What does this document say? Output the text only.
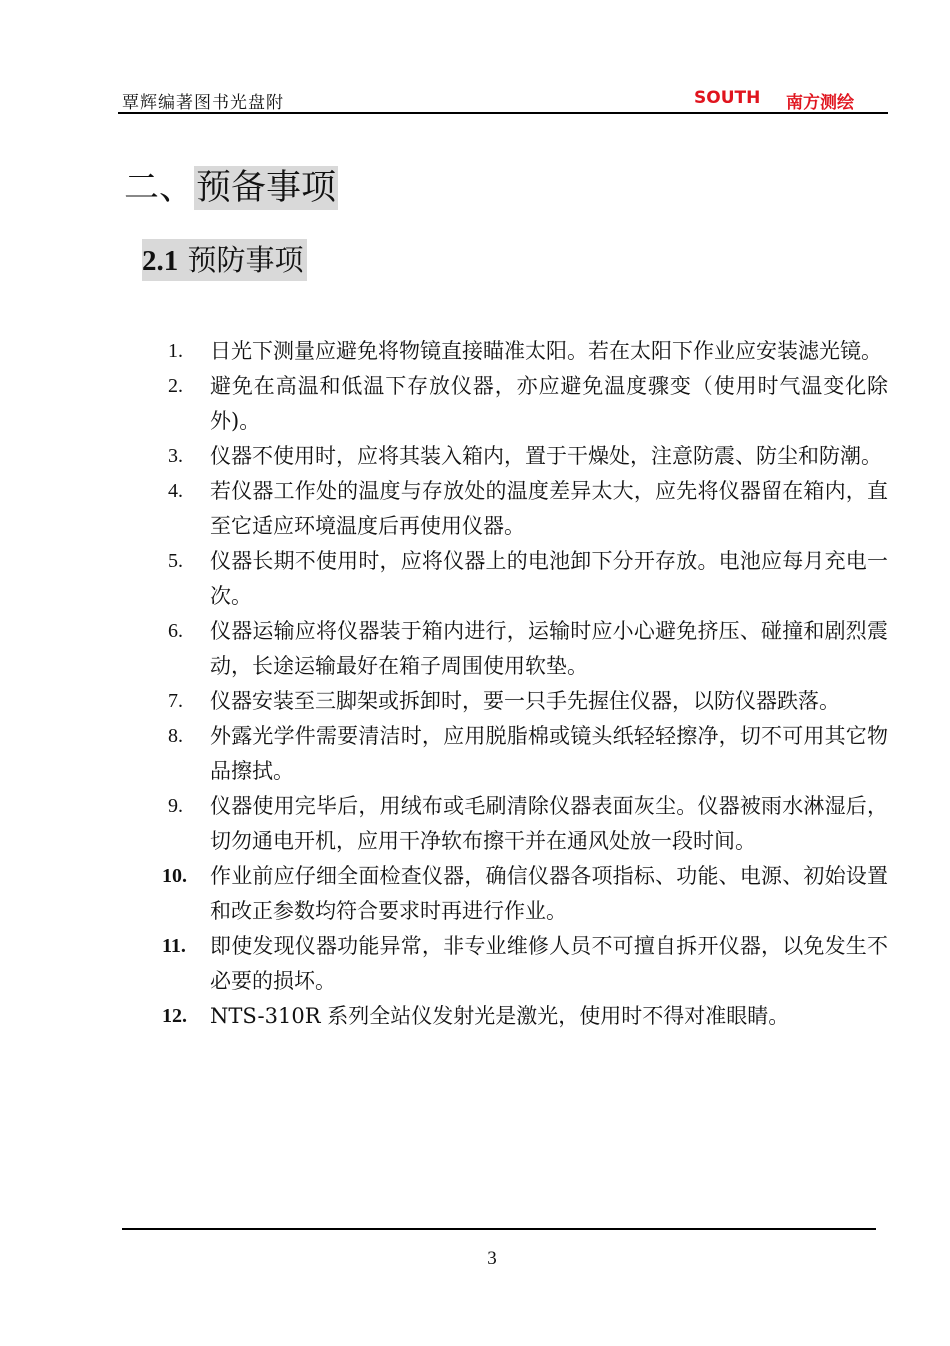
覃辉编著图书光盘附	SOUTH 南方测绘
二、预备事项
2.1 预防事项
1. 日光下测量应避免将物镜直接瞄准太阳。若在太阳下作业应安装滤光镜。
2. 避免在高温和低温下存放仪器，亦应避免温度骤变（使用时气温变化除外)。
3. 仪器不使用时，应将其装入箱内，置于干燥处，注意防震、防尘和防潮。
4. 若仪器工作处的温度与存放处的温度差异太大，应先将仪器留在箱内，直至它适应环境温度后再使用仪器。
5. 仪器长期不使用时，应将仪器上的电池卸下分开存放。电池应每月充电一次。
6. 仪器运输应将仪器装于箱内进行，运输时应小心避免挤压、碰撞和剧烈震动，长途运输最好在箱子周围使用软垫。
7. 仪器安装至三脚架或拆卸时，要一只手先握住仪器，以防仪器跌落。
8. 外露光学件需要清洁时，应用脱脂棉或镜头纸轻轻擦净，切不可用其它物品擦拭。
9. 仪器使用完毕后，用绒布或毛刷清除仪器表面灰尘。仪器被雨水淋湿后，切勿通电开机，应用干净软布擦干并在通风处放一段时间。
10. 作业前应仔细全面检查仪器，确信仪器各项指标、功能、电源、初始设置和改正参数均符合要求时再进行作业。
11. 即使发现仪器功能异常，非专业维修人员不可擅自拆开仪器，以免发生不必要的损坏。
12. NTS-310R 系列全站仪发射光是激光，使用时不得对准眼睛。
3
